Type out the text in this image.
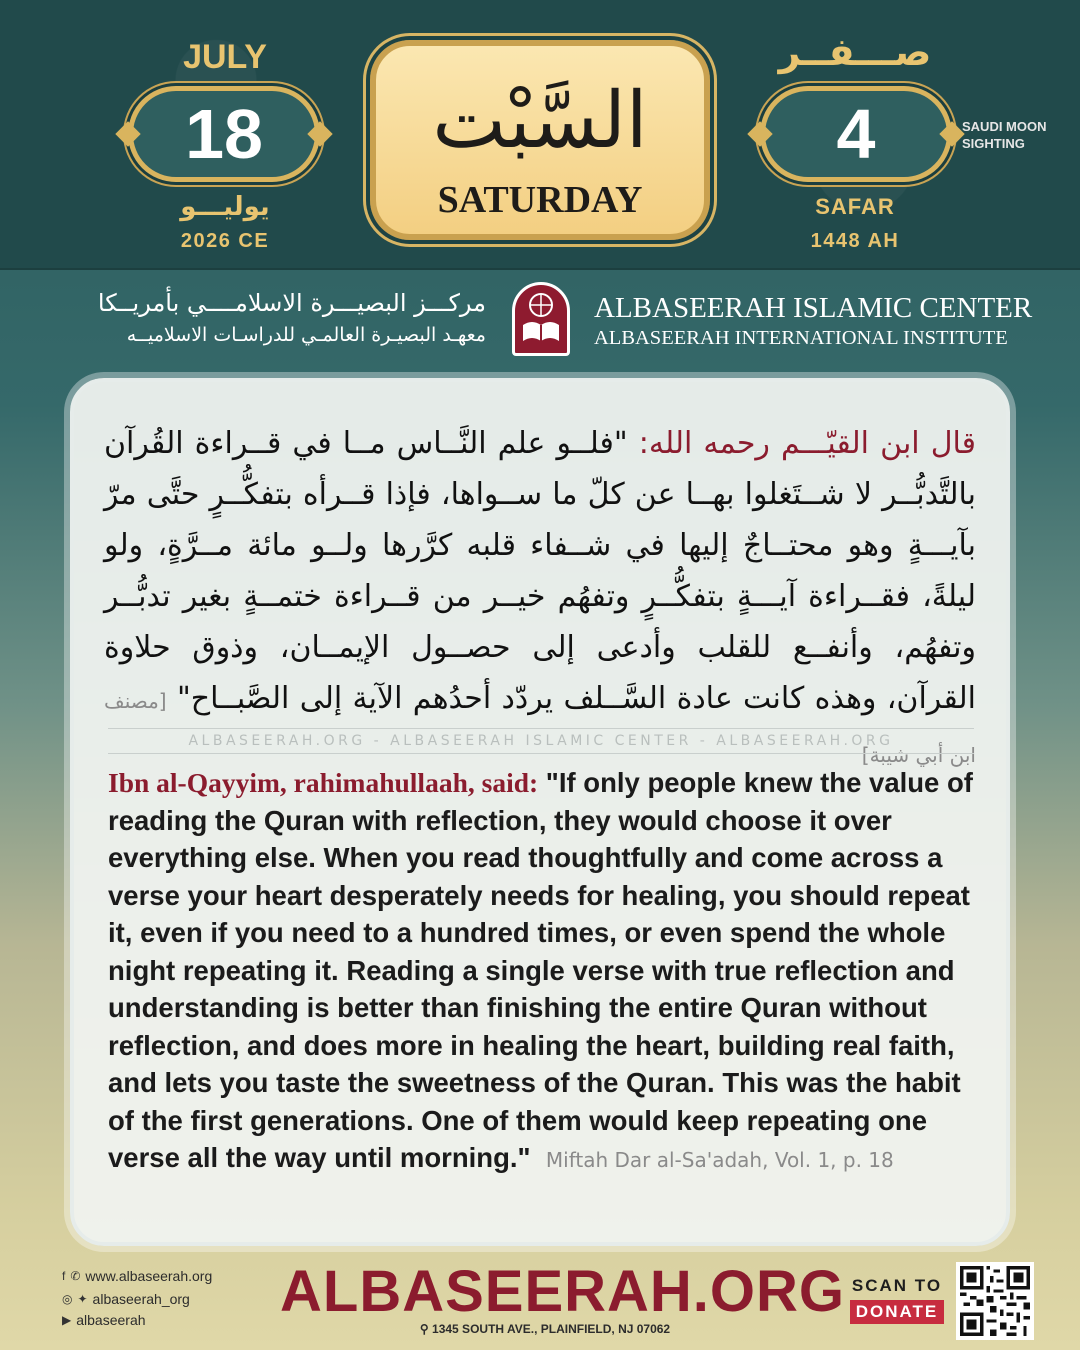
JULY
18
يوليـــو
2026 CE
السَّبْت
SATURDAY
صـــفــر
4	SAUDI MOON
SIGHTING
SAFAR
1448 AH
مركـــز البصيـــرة الاسلامــــي بأمريــكا
معهـد البصيـرة العالمـي للدراسـات الاسلاميــه
ALBASEERAH ISLAMIC CENTER
ALBASEERAH INTERNATIONAL INSTITUTE
قال ابن القيّـــم رحمه الله: "فلــو علم النَّــاس مــا في قــراءة القُرآن بالتَّدبُّــر لا شــتَغلوا بهــا عن كلّ ما ســواها، فإذا قــرأه بتفكُّــرٍ حتَّى مرّ بآيـــةٍ وهو محتــاجٌ إليها في شــفاء قلبه كرَّرها ولــو مائة مــرَّةٍ، ولو ليلةً، فقــراءة آيـــةٍ بتفكُّــرٍ وتفهُم خيــر من قــراءة ختمــةٍ بغير تدبُّــر وتفهُم، وأنفــع للقلب وأدعى إلى حصــول الإيمــان، وذوق حلاوة القرآن، وهذه كانت عادة السَّــلف يردّد أحدُهم الآية إلى الصَّبــاح" [مصنف ابن أبي شيبة]
ALBASEERAH.ORG - ALBASEERAH ISLAMIC CENTER - ALBASEERAH.ORG
Ibn al-Qayyim, rahimahullaah, said: "If only people knew the value of reading the Quran with reflection, they would choose it over everything else. When you read thoughtfully and come across a verse your heart desperately needs for healing, you should repeat it, even if you need to a hundred times, or even spend the whole night repeating it. Reading a single verse with true reflection and understanding is better than finishing the entire Quran without reflection, and does more in healing the heart, building real faith, and lets you taste the sweetness of the Quran. This was the habit of the first generations. One of them would keep repeating one verse all the way until morning." Miftah Dar al-Sa'adah, Vol. 1, p. 18
f ✆ www.albaseerah.org
◎ ✦ albaseerah_org
▶ albaseerah ALBASEERAH.ORG
⚲ 1345 SOUTH AVE., PLAINFIELD, NJ 07062
SCAN TO
DONATE
